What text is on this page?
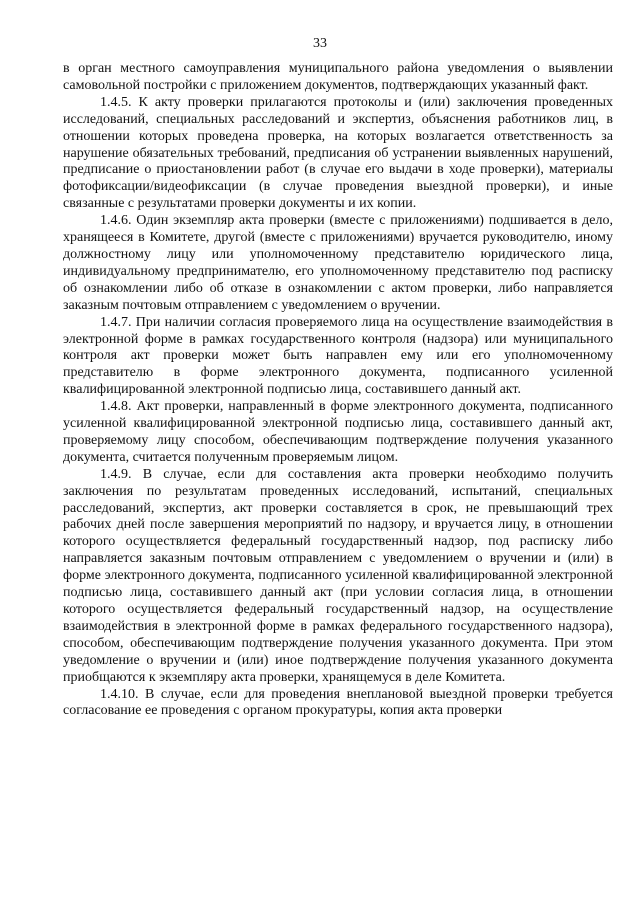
33

в орган местного самоуправления муниципального района уведомления о выявлении самовольной постройки с приложением документов, подтверждающих указанный факт.

1.4.5. К акту проверки прилагаются протоколы и (или) заключения проведенных исследований, специальных расследований и экспертиз, объяснения работников лиц, в отношении которых проведена проверка, на которых возлагается ответственность за нарушение обязательных требований, предписания об устранении выявленных нарушений, предписание о приостановлении работ (в случае его выдачи в ходе проверки), материалы фотофиксации/видеофиксации (в случае проведения выездной проверки), и иные связанные с результатами проверки документы и их копии.

1.4.6. Один экземпляр акта проверки (вместе с приложениями) подшивается в дело, хранящееся в Комитете, другой (вместе с приложениями) вручается руководителю, иному должностному лицу или уполномоченному представителю юридического лица, индивидуальному предпринимателю, его уполномоченному представителю под расписку об ознакомлении либо об отказе в ознакомлении с актом проверки, либо направляется заказным почтовым отправлением с уведомлением о вручении.

1.4.7. При наличии согласия проверяемого лица на осуществление взаимодействия в электронной форме в рамках государственного контроля (надзора) или муниципального контроля акт проверки может быть направлен ему или его уполномоченному представителю в форме электронного документа, подписанного усиленной квалифицированной электронной подписью лица, составившего данный акт.

1.4.8. Акт проверки, направленный в форме электронного документа, подписанного усиленной квалифицированной электронной подписью лица, составившего данный акт, проверяемому лицу способом, обеспечивающим подтверждение получения указанного документа, считается полученным проверяемым лицом.

1.4.9. В случае, если для составления акта проверки необходимо получить заключения по результатам проведенных исследований, испытаний, специальных расследований, экспертиз, акт проверки составляется в срок, не превышающий трех рабочих дней после завершения мероприятий по надзору, и вручается лицу, в отношении которого осуществляется федеральный государственный надзор, под расписку либо направляется заказным почтовым отправлением с уведомлением о вручении и (или) в форме электронного документа, подписанного усиленной квалифицированной электронной подписью лица, составившего данный акт (при условии согласия лица, в отношении которого осуществляется федеральный государственный надзор, на осуществление взаимодействия в электронной форме в рамках федерального государственного надзора), способом, обеспечивающим подтверждение получения указанного документа. При этом уведомление о вручении и (или) иное подтверждение получения указанного документа приобщаются к экземпляру акта проверки, хранящемуся в деле Комитета.

1.4.10. В случае, если для проведения внеплановой выездной проверки требуется согласование ее проведения с органом прокуратуры, копия акта проверки
